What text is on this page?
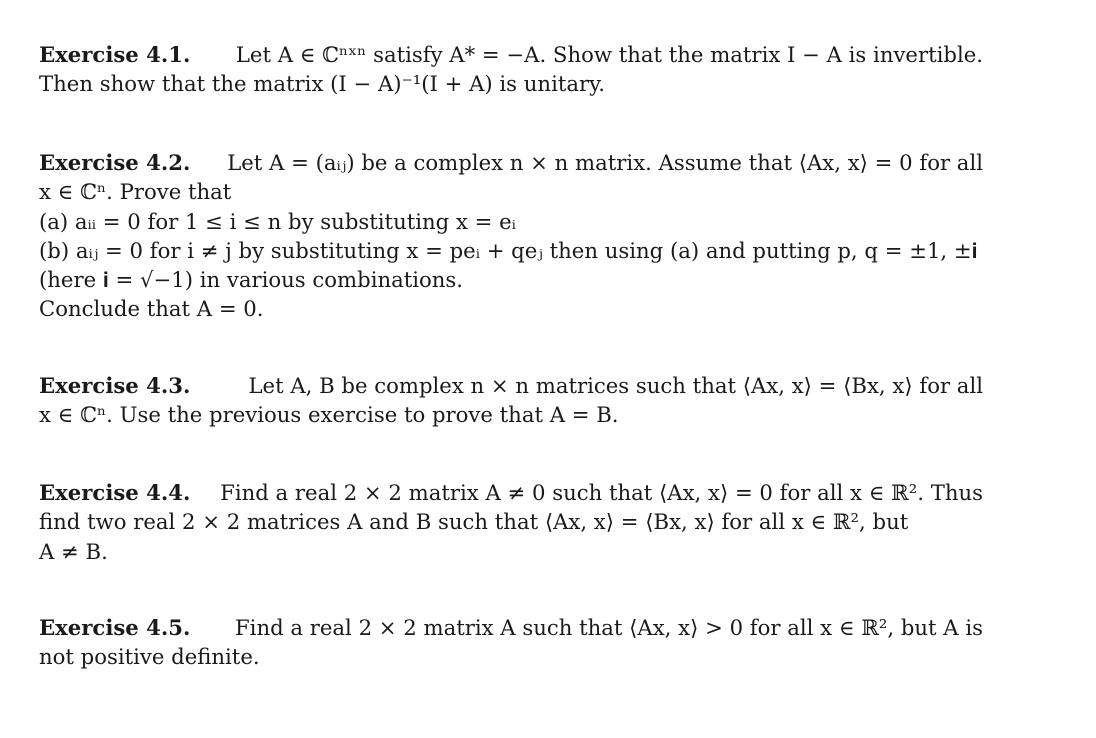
Exercise 4.1. Let A ∈ ℂⁿˣⁿ satisfy A* = −A. Show that the matrix I − A is invertible.
Then show that the matrix (I − A)⁻¹(I + A) is unitary.
Exercise 4.2. Let A = (aᵢⱼ) be a complex n × n matrix. Assume that ⟨Ax, x⟩ = 0 for all
x ∈ ℂⁿ. Prove that
(a) aᵢᵢ = 0 for 1 ≤ i ≤ n by substituting x = eᵢ
(b) aᵢⱼ = 0 for i ≠ j by substituting x = peᵢ + qeⱼ then using (a) and putting p, q = ±1, ±𝐢
(here 𝐢 = √−1) in various combinations.
Conclude that A = 0.
Exercise 4.3.	Let A, B be complex n × n matrices such that ⟨Ax, x⟩ = ⟨Bx, x⟩ for all
x ∈ ℂⁿ. Use the previous exercise to prove that A = B.
Exercise 4.4. Find a real 2 × 2 matrix A ≠ 0 such that ⟨Ax, x⟩ = 0 for all x ∈ ℝ². Thus
find two real 2 × 2 matrices A and B such that ⟨Ax, x⟩ = ⟨Bx, x⟩ for all x ∈ ℝ², but
A ≠ B.
Exercise 4.5. Find a real 2 × 2 matrix A such that ⟨Ax, x⟩ > 0 for all x ∈ ℝ², but A is
not positive definite.
